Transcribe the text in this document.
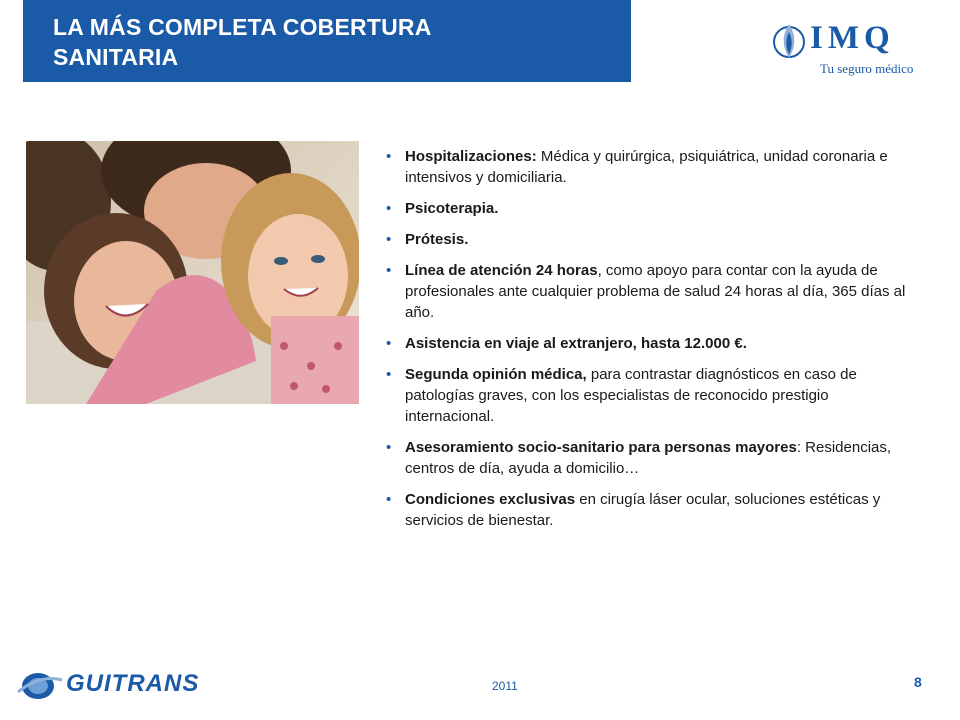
LA MÁS COMPLETA COBERTURA
SANITARIA
IMQ
Tu seguro médico
• Hospitalizaciones: Médica y quirúrgica, psiquiátrica, unidad coronaria e intensivos y domiciliaria.
• Psicoterapia.
• Prótesis.
• Línea de atención 24 horas, como apoyo para contar con la ayuda de profesionales ante cualquier problema de salud 24 horas al día, 365 días al año.
• Asistencia en viaje al extranjero, hasta 12.000 €.
• Segunda opinión médica, para contrastar diagnósticos en caso de patologías graves, con los especialistas de reconocido prestigio internacional.
• Asesoramiento socio-sanitario para personas mayores: Residencias, centros de día, ayuda a domicilio…
• Condiciones exclusivas en cirugía láser ocular, soluciones estéticas y servicios de bienestar.
GUITRANS	2011	8
